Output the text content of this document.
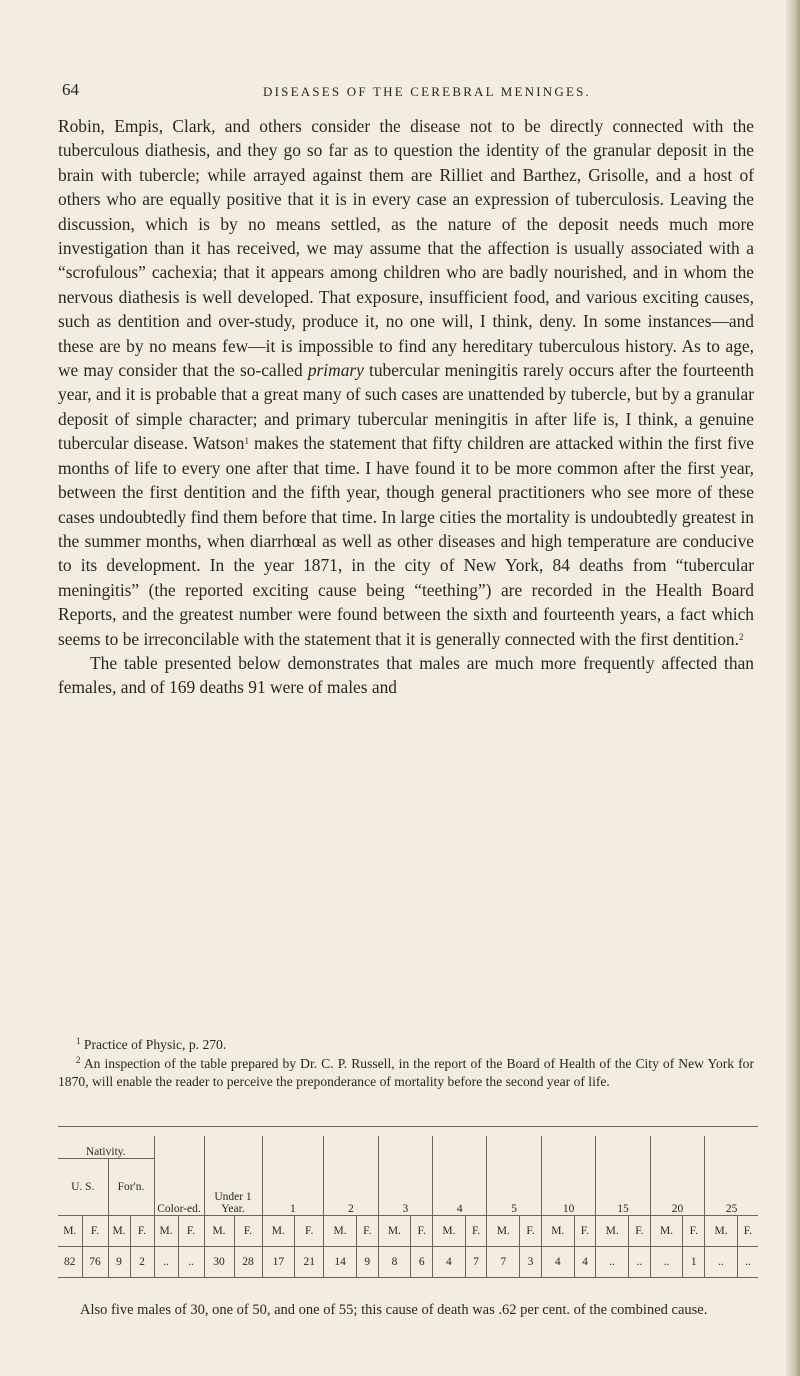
64	DISEASES OF THE CEREBRAL MENINGES.

Robin, Empis, Clark, and others consider the disease not to be directly connected with the tuberculous diathesis, and they go so far as to question the identity of the granular deposit in the brain with tubercle; while arrayed against them are Rilliet and Barthez, Grisolle, and a host of others who are equally positive that it is in every case an expression of tuberculosis. Leaving the discussion, which is by no means settled, as the nature of the deposit needs much more investigation than it has received, we may assume that the affection is usually associated with a “scrofulous” cachexia; that it appears among children who are badly nourished, and in whom the nervous diathesis is well developed. That exposure, insufficient food, and various exciting causes, such as dentition and over-study, produce it, no one will, I think, deny. In some instances—and these are by no means few—it is impossible to find any hereditary tuberculous history. As to age, we may consider that the so-called primary tubercular meningitis rarely occurs after the fourteenth year, and it is probable that a great many of such cases are unattended by tubercle, but by a granular deposit of simple character; and primary tubercular meningitis in after life is, I think, a genuine tubercular disease. Watson$^1$ makes the statement that fifty children are attacked within the first five months of life to every one after that time. I have found it to be more common after the first year, between the first dentition and the fifth year, though general practitioners who see more of these cases undoubtedly find them before that time. In large cities the mortality is undoubtedly greatest in the summer months, when diarrhœal as well as other diseases and high temperature are conducive to its development. In the year 1871, in the city of New York, 84 deaths from “tubercular meningitis” (the reported exciting cause being “teething”) are recorded in the Health Board Reports, and the greatest number were found between the sixth and fourteenth years, a fact which seems to be irreconcilable with the statement that it is generally connected with the first dentition.$^2$

The table presented below demonstrates that males are much more frequently affected than females, and of 169 deaths 91 were of males and

$^1$ Practice of Physic, p. 270.

$^2$ An inspection of the table prepared by Dr. C. P. Russell, in the report of the Board of Health of the City of New York for 1870, will enable the reader to perceive the preponderance of mortality before the second year of life.

Nativity.				Color-ed.		Under 1 Year.		1		2		3		4		5		10		15		20		25	
U. S.		For'n.																							
M.	F.	M.	F.	M.	F.	M.	F.	M.	F.	M.	F.	M.	F.	M.	F.	M.	F.	M.	F.	M.	F.	M.	F.	M.	F.
82	76	9	2	..	..	30	28	17	21	14	9	8	6	4	7	7	3	4	4	..	..	..	1	..	..

Also five males of 30, one of 50, and one of 55; this cause of death was .62 per cent. of the combined cause.
